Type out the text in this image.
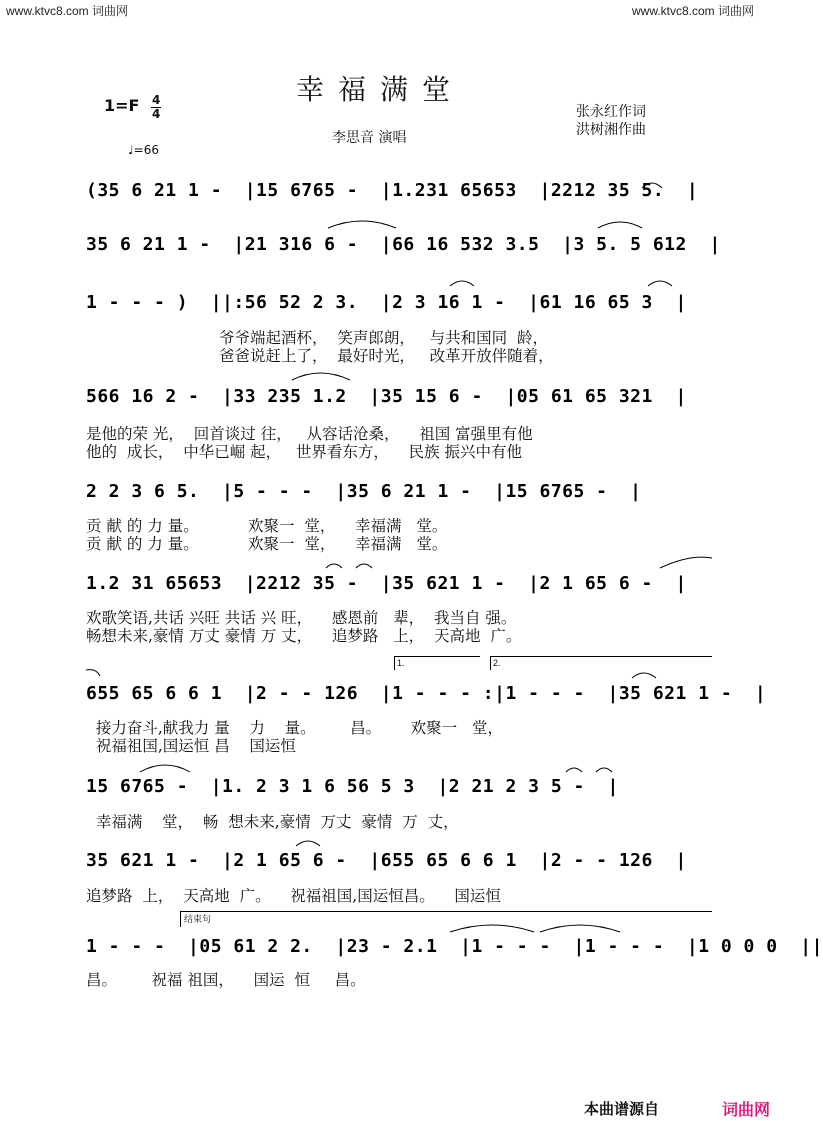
www.ktvc8.com 词曲网	www.ktvc8.com 词曲网
幸福满堂
1=F 4
4
♩=66
李思音 演唱
张永红作词
洪树湘作曲
(35 6 21 1 -  |15 6765 -  |1.231 65653  |2212 35 5.  |
35 6 21 1 -  |21 316 6 -  |66 16 532 3.5  |3 5. 5 612  |
1 - - - )  ||:56 52 2 3.  |2 3 16 1 -  |61 16 65 3  |
爷爷端起酒杯，  笑声郎朗，   与共和国同  龄，
爸爸说赶上了，  最好时光，   改革开放伴随着，
566 16 2 -  |33 235 1.2  |35 15 6 -  |05 61 65 321  |
是他的荣 光，  回首谈过 往，   从容话沧桑，    祖国 富强里有他
他的  成长，  中华已崛 起，   世界看东方，    民族 振兴中有他
2 2 3 6 5.  |5 - - -  |35 6 21 1 -  |15 6765 -  |
贡 献 的 力 量。          欢聚一  堂，    幸福满   堂。
贡 献 的 力 量。          欢聚一  堂，    幸福满   堂。
1.2 31 65653  |2212 35 -  |35 621 1 -  |2 1 65 6 -  |
欢歌笑语,共话 兴旺 共话 兴 旺，    感恩前   辈，  我当自 强。
畅想未来,豪情 万丈 豪情 万 丈，    追梦路   上，  天高地  广。
1.	2.
655 65 6 6 1  |2 - - 126  |1 - - - :|1 - - -  |35 621 1 -  |
接力奋斗,献我力 量    力    量。       昌。      欢聚一   堂，
祝福祖国,国运恒 昌    国运恒
15 6765 -  |1. 2 3 1 6 56 5 3  |2 21 2 3 5 -  |
幸福满    堂，  畅  想未来,豪情  万丈  豪情  万  丈，
35 621 1 -  |2 1 65 6 -  |655 65 6 6 1  |2 - - 126  |
追梦路  上，  天高地  广。    祝福祖国,国运恒昌。    国运恒
结束句
1 - - -  |05 61 2 2.  |23 - 2.1  |1 - - -  |1 - - -  |1 0 0 0  ||
昌。       祝福 祖国，    国运  恒     昌。
本曲谱源自	词曲网
